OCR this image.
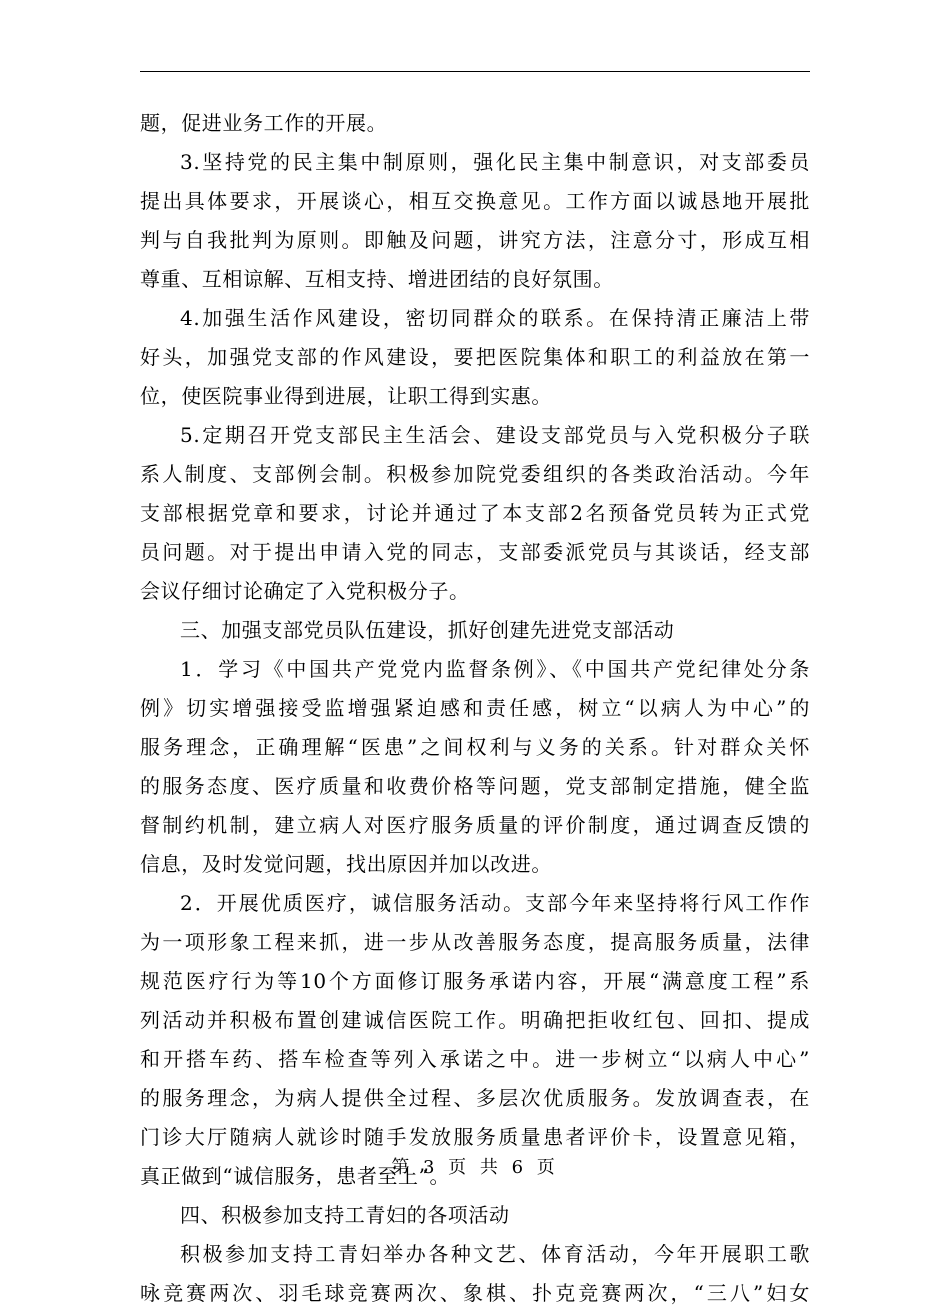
题，促进业务工作的开展。
3.坚持党的民主集中制原则，强化民主集中制意识，对支部委员
提出具体要求，开展谈心，相互交换意见。工作方面以诚恳地开展批
判与自我批判为原则。即触及问题，讲究方法，注意分寸，形成互相
尊重、互相谅解、互相支持、增进团结的良好氛围。
4.加强生活作风建设，密切同群众的联系。在保持清正廉洁上带
好头，加强党支部的作风建设，要把医院集体和职工的利益放在第一
位，使医院事业得到进展，让职工得到实惠。
5.定期召开党支部民主生活会、建设支部党员与入党积极分子联
系人制度、支部例会制。积极参加院党委组织的各类政治活动。今年
支部根据党章和要求，讨论并通过了本支部2名预备党员转为正式党
员问题。对于提出申请入党的同志，支部委派党员与其谈话，经支部
会议仔细讨论确定了入党积极分子。
三、加强支部党员队伍建设，抓好创建先进党支部活动
1．学习《中国共产党党内监督条例》、《中国共产党纪律处分条
例》切实增强接受监增强紧迫感和责任感，树立“以病人为中心”的
服务理念，正确理解“医患”之间权利与义务的关系。针对群众关怀
的服务态度、医疗质量和收费价格等问题，党支部制定措施，健全监
督制约机制，建立病人对医疗服务质量的评价制度，通过调查反馈的
信息，及时发觉问题，找出原因并加以改进。
2．开展优质医疗，诚信服务活动。支部今年来坚持将行风工作作
为一项形象工程来抓，进一步从改善服务态度，提高服务质量，法律
规范医疗行为等10个方面修订服务承诺内容，开展“满意度工程”系
列活动并积极布置创建诚信医院工作。明确把拒收红包、回扣、提成
和开搭车药、搭车检查等列入承诺之中。进一步树立“以病人中心”
的服务理念，为病人提供全过程、多层次优质服务。发放调查表，在
门诊大厅随病人就诊时随手发放服务质量患者评价卡，设置意见箱，
真正做到“诚信服务，患者至上”。
四、积极参加支持工青妇的各项活动
积极参加支持工青妇举办各种文艺、体育活动，今年开展职工歌
咏竞赛两次、羽毛球竞赛两次、象棋、扑克竞赛两次，“三八”妇女
第 3 页 共 6 页
